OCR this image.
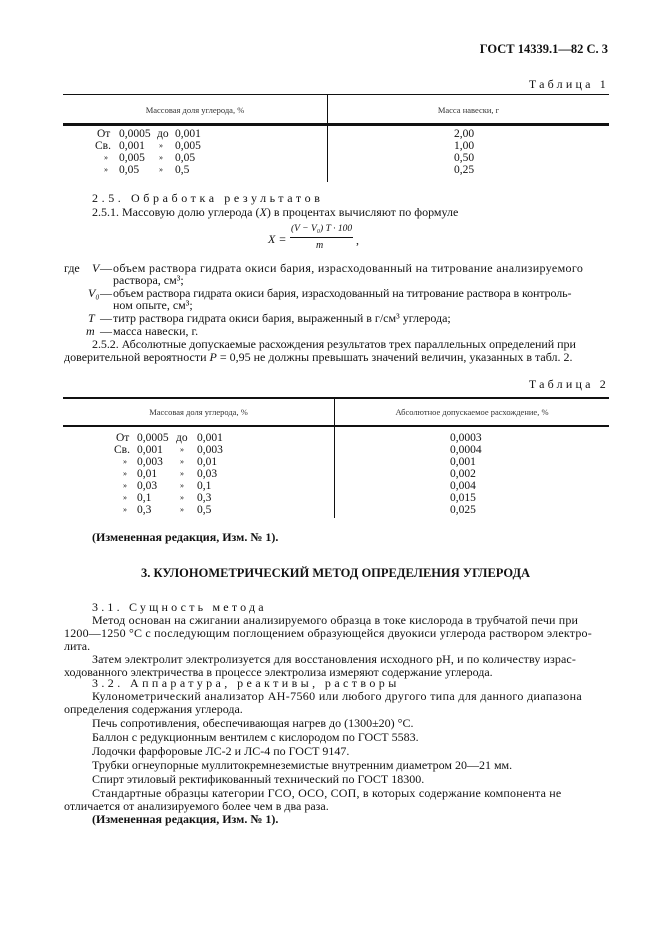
ГОСТ 14339.1—82 С. 3
Таблица 1
Массовая доля углерода, %	Масса навески, г
От 0,0005 до 0,001	2,00
Св. 0,001 » 0,005	1,00
» 0,005 » 0,05	0,50
» 0,05 » 0,5	0,25
2.5. Обработка результатов
2.5.1. Массовую долю углерода (X) в процентах вычисляют по формуле
X =
(V − V₀) T · 100
m	,
где V — объем раствора гидрата окиси бария, израсходованный на титрование анализируемого
раствора, см³;
V₀ — объем раствора гидрата окиси бария, израсходованный на титрование раствора в контроль-
ном опыте, см³;
T — титр раствора гидрата окиси бария, выраженный в г/см³ углерода;
m — масса навески, г.
2.5.2. Абсолютные допускаемые расхождения результатов трех параллельных определений при
доверительной вероятности P = 0,95 не должны превышать значений величин, указанных в табл. 2.
Таблица 2
Массовая доля углерода, %	Абсолютное допускаемое расхождение, %
От 0,0005 до 0,001	0,0003
Св. 0,001 » 0,003	0,0004
» 0,003 » 0,01	0,001
» 0,01	» 0,03	0,002
» 0,03	» 0,1	0,004
» 0,1	» 0,3	0,015
» 0,3	» 0,5	0,025
(Измененная редакция, Изм. № 1).
3. КУЛОНОМЕТРИЧЕСКИЙ МЕТОД ОПРЕДЕЛЕНИЯ УГЛЕРОДА
3.1. Сущность метода
Метод основан на сжигании анализируемого образца в токе кислорода в трубчатой печи при
1200—1250 °С с последующим поглощением образующейся двуокиси углерода раствором электро-
лита.
Затем электролит электролизуется для восстановления исходного pH, и по количеству израс-
ходованного электричества в процессе электролиза измеряют содержание углерода.
3.2. Аппаратура, реактивы, растворы
Кулонометрический анализатор АН-7560 или любого другого типа для данного диапазона
определения содержания углерода.
Печь сопротивления, обеспечивающая нагрев до (1300±20) °С.
Баллон с редукционным вентилем с кислородом по ГОСТ 5583.
Лодочки фарфоровые ЛС-2 и ЛС-4 по ГОСТ 9147.
Трубки огнеупорные муллитокремнеземистые внутренним диаметром 20—21 мм.
Спирт этиловый ректификованный технический по ГОСТ 18300.
Стандартные образцы категории ГСО, ОСО, СОП, в которых содержание компонента не
отличается от анализируемого более чем в два раза.
(Измененная редакция, Изм. № 1).
